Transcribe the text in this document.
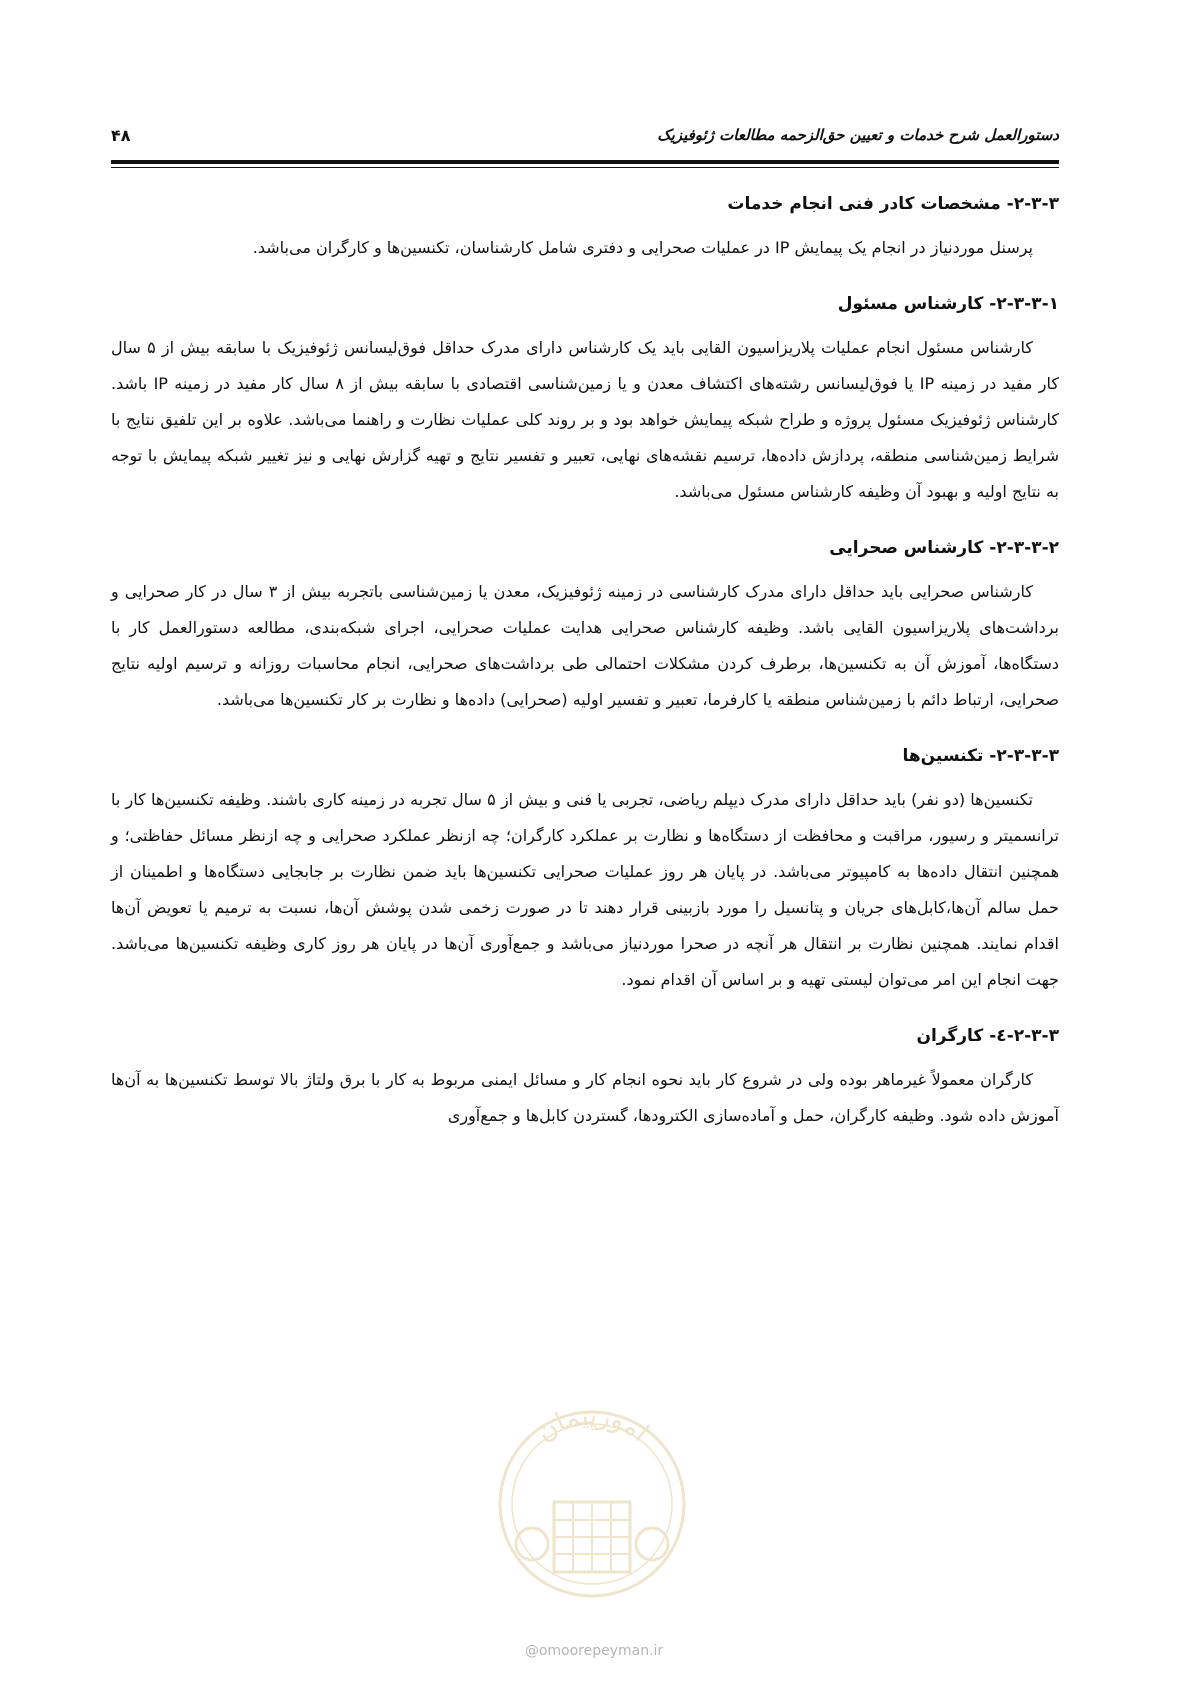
دستورالعمل شرح خدمات و تعیین حق‌الزحمه مطالعات ژئوفیزیک
۴۸
۲-۳-۳- مشخصات کادر فنی انجام خدمات

پرسنل موردنیاز در انجام یک پیمایش IP در عملیات صحرایی و دفتری شامل کارشناسان، تکنسین‌ها و کارگران می‌باشد.

۲-۳-۳-۱- کارشناس مسئول

کارشناس مسئول انجام عملیات پلاریزاسیون القایی باید یک کارشناس دارای مدرک حداقل فوق‌لیسانس ژئوفیزیک با سابقه بیش از ۵ سال کار مفید در زمینه IP یا فوق‌لیسانس رشته‌های اکتشاف معدن و یا زمین‌شناسی اقتصادی با سابقه بیش از ۸ سال کار مفید در زمینه IP باشد. کارشناس ژئوفیزیک مسئول پروژه و طراح شبکه پیمایش خواهد بود و بر روند کلی عملیات نظارت و راهنما می‌باشد. علاوه بر این تلفیق نتایج با شرایط زمین‌شناسی منطقه، پردازش داده‌ها، ترسیم نقشه‌های نهایی، تعبیر و تفسیر نتایج و تهیه گزارش نهایی و نیز تغییر شبکه پیمایش با توجه به نتایج اولیه و بهبود آن وظیفه کارشناس مسئول می‌باشد.

۲-۳-۳-۲- کارشناس صحرایی

کارشناس صحرایی باید حداقل دارای مدرک کارشناسی در زمینه ژئوفیزیک، معدن یا زمین‌شناسی باتجربه بیش از ۳ سال در کار صحرایی و برداشت‌های پلاریزاسیون القایی باشد. وظیفه کارشناس صحرایی هدایت عملیات صحرایی، اجرای شبکه‌بندی، مطالعه دستورالعمل کار با دستگاه‌ها، آموزش آن به تکنسین‌ها، برطرف کردن مشکلات احتمالی طی برداشت‌های صحرایی، انجام محاسبات روزانه و ترسیم اولیه نتایج صحرایی، ارتباط دائم با زمین‌شناس منطقه یا کارفرما، تعبیر و تفسیر اولیه (صحرایی) داده‌ها و نظارت بر کار تکنسین‌ها می‌باشد.

۲-۳-۳-۳- تکنسین‌ها

تکنسین‌ها (دو نفر) باید حداقل دارای مدرک دیپلم ریاضی، تجربی یا فنی و بیش از ۵ سال تجربه در زمینه کاری باشند. وظیفه تکنسین‌ها کار با ترانسمیتر و رسیور، مراقبت و محافظت از دستگاه‌ها و نظارت بر عملکرد کارگران؛ چه ازنظر عملکرد صحرایی و چه ازنظر مسائل حفاظتی؛ و همچنین انتقال داده‌ها به کامپیوتر می‌باشد. در پایان هر روز عملیات صحرایی تکنسین‌ها باید ضمن نظارت بر جابجایی دستگاه‌ها و اطمینان از حمل سالم آن‌ها،کابل‌های جریان و پتانسیل را مورد بازبینی قرار دهند تا در صورت زخمی شدن پوشش آن‌ها، نسبت به ترمیم یا تعویض آن‌ها اقدام نمایند. همچنین نظارت بر انتقال هر آنچه در صحرا موردنیاز می‌باشد و جمع‌آوری آن‌ها در پایان هر روز کاری وظیفه تکنسین‌ها می‌باشد. جهت انجام این امر می‌توان لیستی تهیه و بر اساس آن اقدام نمود.

۲-۳-۳-٤- کارگران

کارگران معمولاً غیرماهر بوده ولی در شروع کار باید نحوه انجام کار و مسائل ایمنی مربوط به کار با برق ولتاژ بالا توسط تکنسین‌ها به آن‌ها آموزش داده شود. وظیفه کارگران، حمل و آماده‌سازی الکترودها، گستردن کابل‌ها و جمع‌آوری

امورپیمان
@omoorepeyman.ir
